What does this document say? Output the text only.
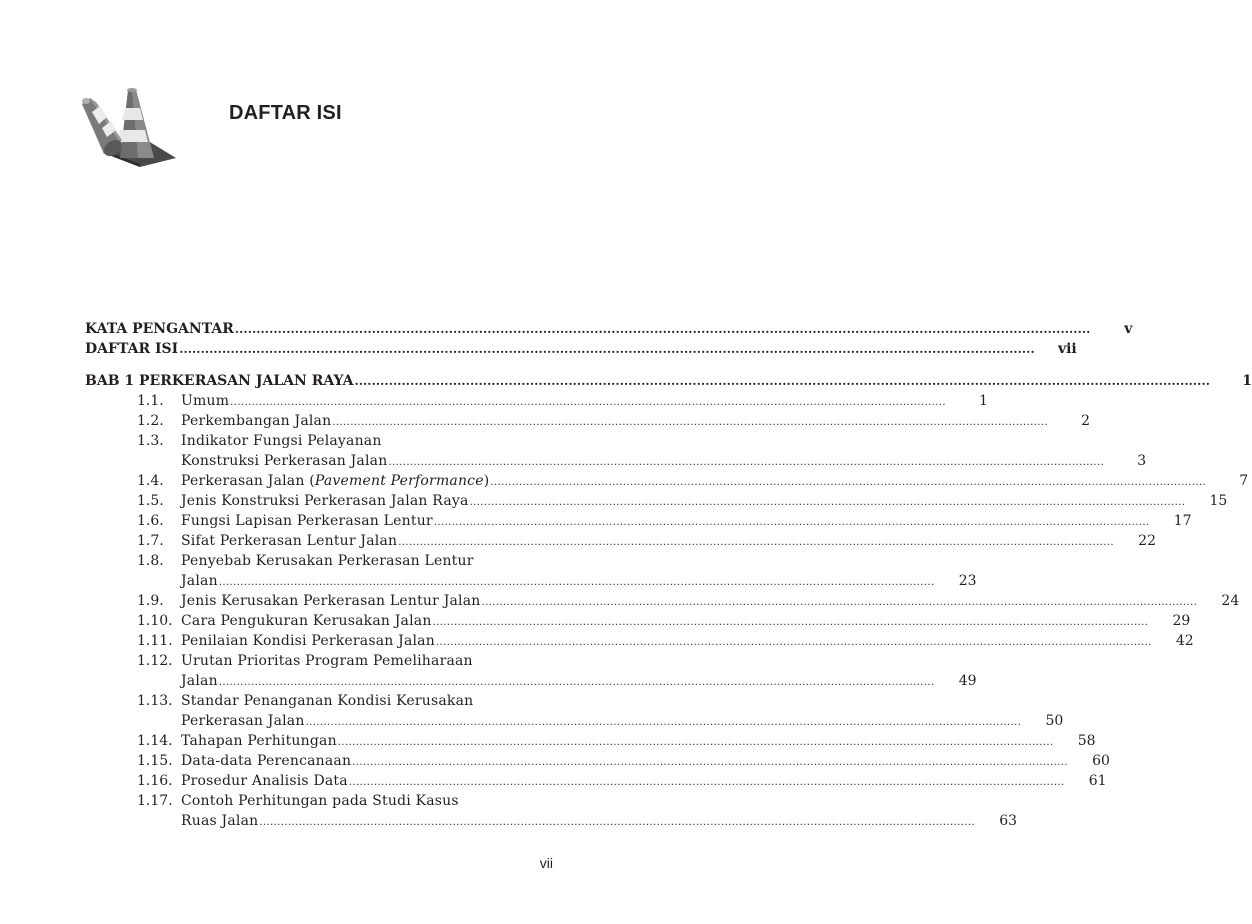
DAFTAR ISI
KATA PENGANTAR ........................................................................................................................................................................................................	v
DAFTAR ISI ........................................................................................................................................................................................................	vii
BAB 1 PERKERASAN JALAN RAYA ........................................................................................................................................................................................................	1
1.1.	Umum ........................................................................................................................................................................................................	1
1.2.	Perkembangan Jalan ........................................................................................................................................................................................................	2
1.3.	Indikator Fungsi Pelayanan
Konstruksi Perkerasan Jalan ........................................................................................................................................................................................................	3
1.4.	Perkerasan Jalan (Pavement Performance) ........................................................................................................................................................................................................	7
1.5.	Jenis Konstruksi Perkerasan Jalan Raya ........................................................................................................................................................................................................	15
1.6.	Fungsi Lapisan Perkerasan Lentur ........................................................................................................................................................................................................	17
1.7.	Sifat Perkerasan Lentur Jalan ........................................................................................................................................................................................................	22
1.8.	Penyebab Kerusakan Perkerasan Lentur
Jalan ........................................................................................................................................................................................................	23
1.9.	Jenis Kerusakan Perkerasan Lentur Jalan ........................................................................................................................................................................................................	24
1.10. Cara Pengukuran Kerusakan Jalan ........................................................................................................................................................................................................	29
1.11. Penilaian Kondisi Perkerasan Jalan ........................................................................................................................................................................................................	42
1.12. Urutan Prioritas Program Pemeliharaan
Jalan ........................................................................................................................................................................................................	49
1.13. Standar Penanganan Kondisi Kerusakan
Perkerasan Jalan ........................................................................................................................................................................................................	50
1.14. Tahapan Perhitungan ........................................................................................................................................................................................................	58
1.15. Data-data Perencanaan ........................................................................................................................................................................................................	60
1.16. Prosedur Analisis Data ........................................................................................................................................................................................................	61
1.17. Contoh Perhitungan pada Studi Kasus
Ruas Jalan ........................................................................................................................................................................................................	63
vii
